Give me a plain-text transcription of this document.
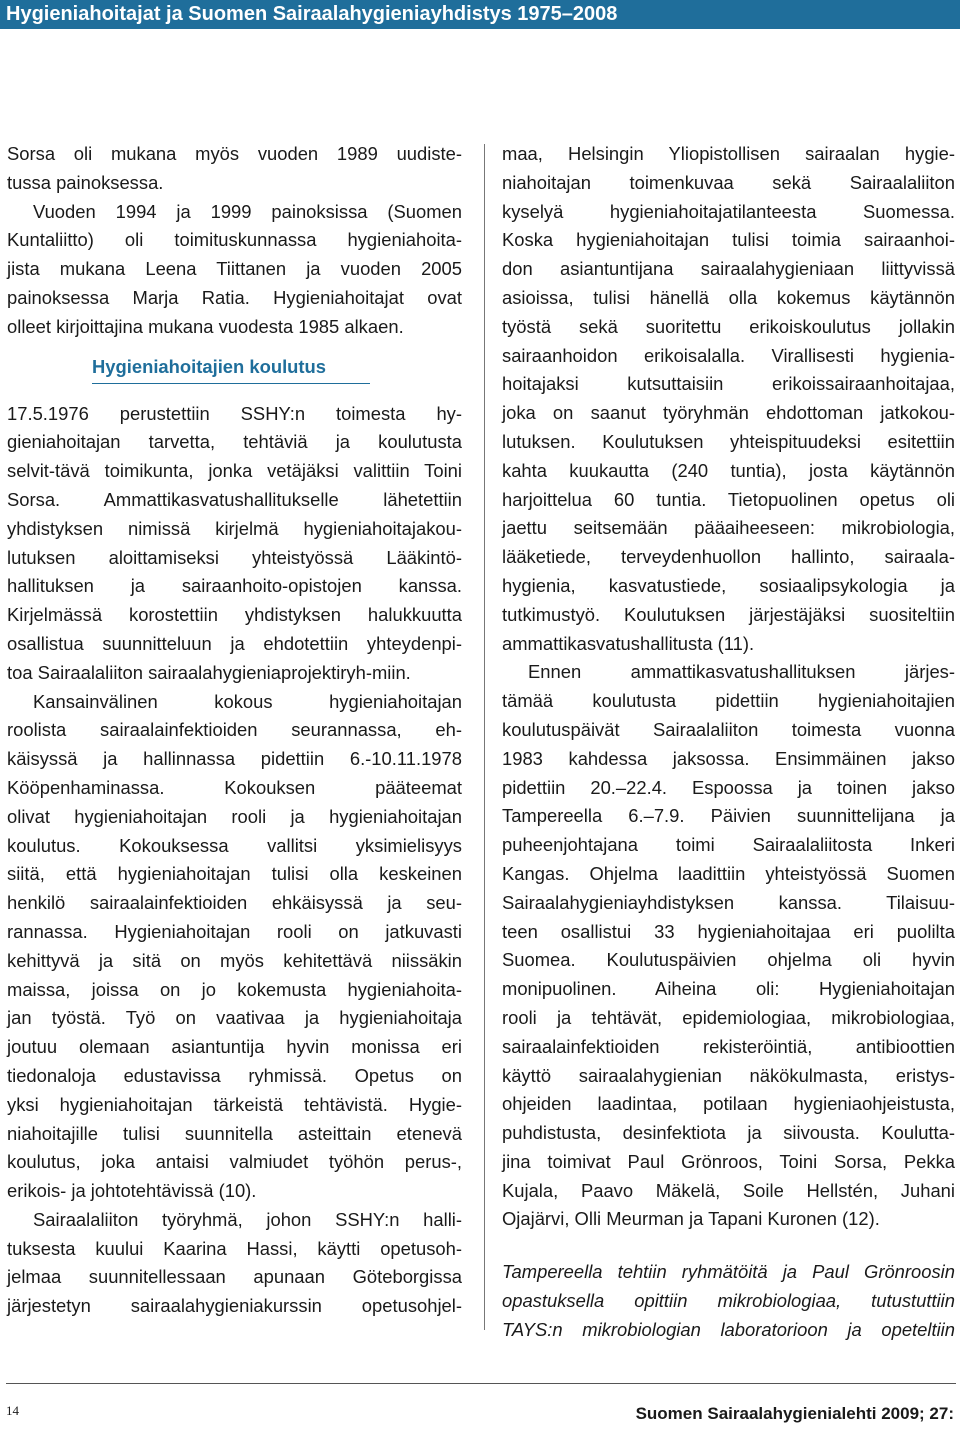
Hygieniahoitajat ja Suomen Sairaalahygieniayhdistys 1975–2008
Sorsa oli mukana myös vuoden 1989 uudiste-
tussa painoksessa.
Vuoden 1994 ja 1999 painoksissa (Suomen
Kuntaliitto) oli toimituskunnassa hygieniahoita-
jista mukana Leena Tiittanen ja vuoden 2005
painoksessa Marja Ratia. Hygieniahoitajat ovat
olleet kirjoittajina mukana vuodesta 1985 alkaen.
Hygieniahoitajien koulutus
17.5.1976 perustettiin SSHY:n toimesta hy-
gieniahoitajan tarvetta, tehtäviä ja koulutusta
selvit-tävä toimikunta, jonka vetäjäksi valittiin Toini
Sorsa. Ammattikasvatushallitukselle lähetettiin
yhdistyksen nimissä kirjelmä hygieniahoitajakou-
lutuksen aloittamiseksi yhteistyössä Lääkintö-
hallituksen ja sairaanhoito-opistojen kanssa.
Kirjelmässä korostettiin yhdistyksen halukkuutta
osallistua suunnitteluun ja ehdotettiin yhteydenpi-
toa Sairaalaliiton sairaalahygieniaprojektiryh-miin.
Kansainvälinen kokous hygieniahoitajan
roolista sairaalainfektioiden seurannassa, eh-
käisyssä ja hallinnassa pidettiin 6.-10.11.1978
Kööpenhaminassa. Kokouksen pääteemat
olivat hygieniahoitajan rooli ja hygieniahoitajan
koulutus. Kokouksessa vallitsi yksimielisyys
siitä, että hygieniahoitajan tulisi olla keskeinen
henkilö sairaalainfektioiden ehkäisyssä ja seu-
rannassa. Hygieniahoitajan rooli on jatkuvasti
kehittyvä ja sitä on myös kehitettävä niissäkin
maissa, joissa on jo kokemusta hygieniahoita-
jan työstä. Työ on vaativaa ja hygieniahoitaja
joutuu olemaan asiantuntija hyvin monissa eri
tiedonaloja edustavissa ryhmissä. Opetus on
yksi hygieniahoitajan tärkeistä tehtävistä. Hygie-
niahoitajille tulisi suunnitella asteittain etenevä
koulutus, joka antaisi valmiudet työhön perus-,
erikois- ja johtotehtävissä (10).
Sairaalaliiton työryhmä, johon SSHY:n halli-
tuksesta kuului Kaarina Hassi, käytti opetusoh-
jelmaa suunnitellessaan apunaan Göteborgissa
järjestetyn sairaalahygieniakurssin opetusohjel-
maa, Helsingin Yliopistollisen sairaalan hygie-
niahoitajan toimenkuvaa sekä Sairaalaliiton
kyselyä hygieniahoitajatilanteesta Suomessa.
Koska hygieniahoitajan tulisi toimia sairaanhoi-
don asiantuntijana sairaalahygieniaan liittyvissä
asioissa, tulisi hänellä olla kokemus käytännön
työstä sekä suoritettu erikoiskoulutus jollakin
sairaanhoidon erikoisalalla. Virallisesti hygienia-
hoitajaksi kutsuttaisiin erikoissairaanhoitajaa,
joka on saanut työryhmän ehdottoman jatkokou-
lutuksen. Koulutuksen yhteispituudeksi esitettiin
kahta kuukautta (240 tuntia), josta käytännön
harjoittelua 60 tuntia. Tietopuolinen opetus oli
jaettu seitsemään pääaiheeseen: mikrobiologia,
lääketiede, terveydenhuollon hallinto, sairaala-
hygienia, kasvatustiede, sosiaalipsykologia ja
tutkimustyö. Koulutuksen järjestäjäksi suositeltiin
ammattikasvatushallitusta (11).
Ennen ammattikasvatushallituksen järjes-
tämää koulutusta pidettiin hygieniahoitajien
koulutuspäivät Sairaalaliiton toimesta vuonna
1983 kahdessa jaksossa. Ensimmäinen jakso
pidettiin 20.–22.4. Espoossa ja toinen jakso
Tampereella 6.–7.9. Päivien suunnittelijana ja
puheenjohtajana toimi Sairaalaliitosta Inkeri
Kangas. Ohjelma laadittiin yhteistyössä Suomen
Sairaalahygieniayhdistyksen kanssa. Tilaisuu-
teen osallistui 33 hygieniahoitajaa eri puolilta
Suomea. Koulutuspäivien ohjelma oli hyvin
monipuolinen. Aiheina oli: Hygieniahoitajan
rooli ja tehtävät, epidemiologiaa, mikrobiologiaa,
sairaalainfektioiden rekisteröintiä, antibioottien
käyttö sairaalahygienian näkökulmasta, eristys-
ohjeiden laadintaa, potilaan hygieniaohjeistusta,
puhdistusta, desinfektiota ja siivousta. Koulutta-
jina toimivat Paul Grönroos, Toini Sorsa, Pekka
Kujala, Paavo Mäkelä, Soile Hellstén, Juhani
Ojajärvi, Olli Meurman ja Tapani Kuronen (12).
Tampereella tehtiin ryhmätöitä ja Paul Grönroosin
opastuksella opittiin mikrobiologiaa, tutustuttiin
TAYS:n mikrobiologian laboratorioon ja opeteltiin
14	Suomen Sairaalahygienialehti 2009; 27:
